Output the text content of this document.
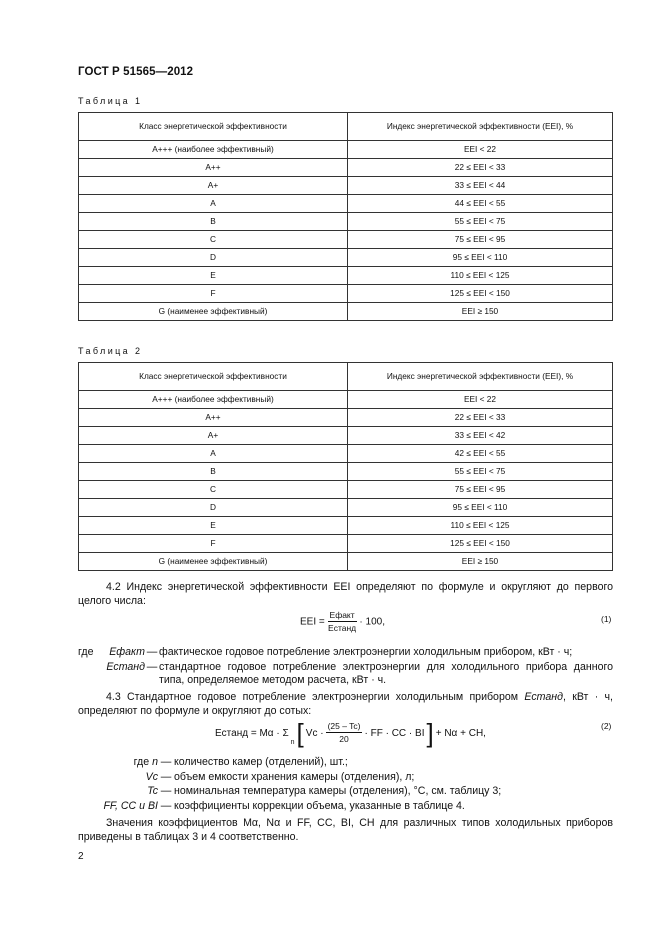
ГОСТ Р 51565—2012
Таблица 1
Класс энергетической эффективности	Индекс энергетической эффективности (EEI), %
A+++ (наиболее эффективный)	EEI < 22
A++	22 ≤ EEI < 33
A+	33 ≤ EEI < 44
A	44 ≤ EEI < 55
B	55 ≤ EEI < 75
C	75 ≤ EEI < 95
D	95 ≤ EEI < 110
E	110 ≤ EEI < 125
F	125 ≤ EEI < 150
G (наименее эффективный)	EEI ≥ 150
Таблица 2
Класс энергетической эффективности	Индекс энергетической эффективности (EEI), %
A+++ (наиболее эффективный)	EEI < 22
A++	22 ≤ EEI < 33
A+	33 ≤ EEI < 42
A	42 ≤ EEI < 55
B	55 ≤ EEI < 75
C	75 ≤ EEI < 95
D	95 ≤ EEI < 110
E	110 ≤ EEI < 125
F	125 ≤ EEI < 150
G (наименее эффективный)	EEI ≥ 150
4.2 Индекс энергетической эффективности EEI определяют по формуле и округляют до первого целого числа:
EEI = $\frac{\text{Eфакт}}{\text{Eстанд}} \cdot 100$,	(1)
где	Eфакт — фактическое годовое потребление электроэнергии холодильным прибором, кВт · ч;
Eстанд — стандартное годовое потребление электроэнергии для холодильного прибора данного типа, определяемое методом расчета, кВт · ч.
4.3 Стандартное годовое потребление электроэнергии холодильным прибором Eстанд, кВт · ч, определяют по формуле и округляют до сотых:
Eстанд = Mα · Σ
n [ $Vc \cdot \frac{(25 - Tc)}{20}$ · FF · CC · BI ] + Nα + CH,
(2)
где n — количество камер (отделений), шт.;
Vc — объем емкости хранения камеры (отделения), л;
Tc — номинальная температура камеры (отделения), °С, см. таблицу 3;
FF, CC и BI — коэффициенты коррекции объема, указанные в таблице 4.
Значения коэффициентов Mα, Nα и FF, CC, BI, CH для различных типов холодильных приборов приведены в таблицах 3 и 4 соответственно.
2
